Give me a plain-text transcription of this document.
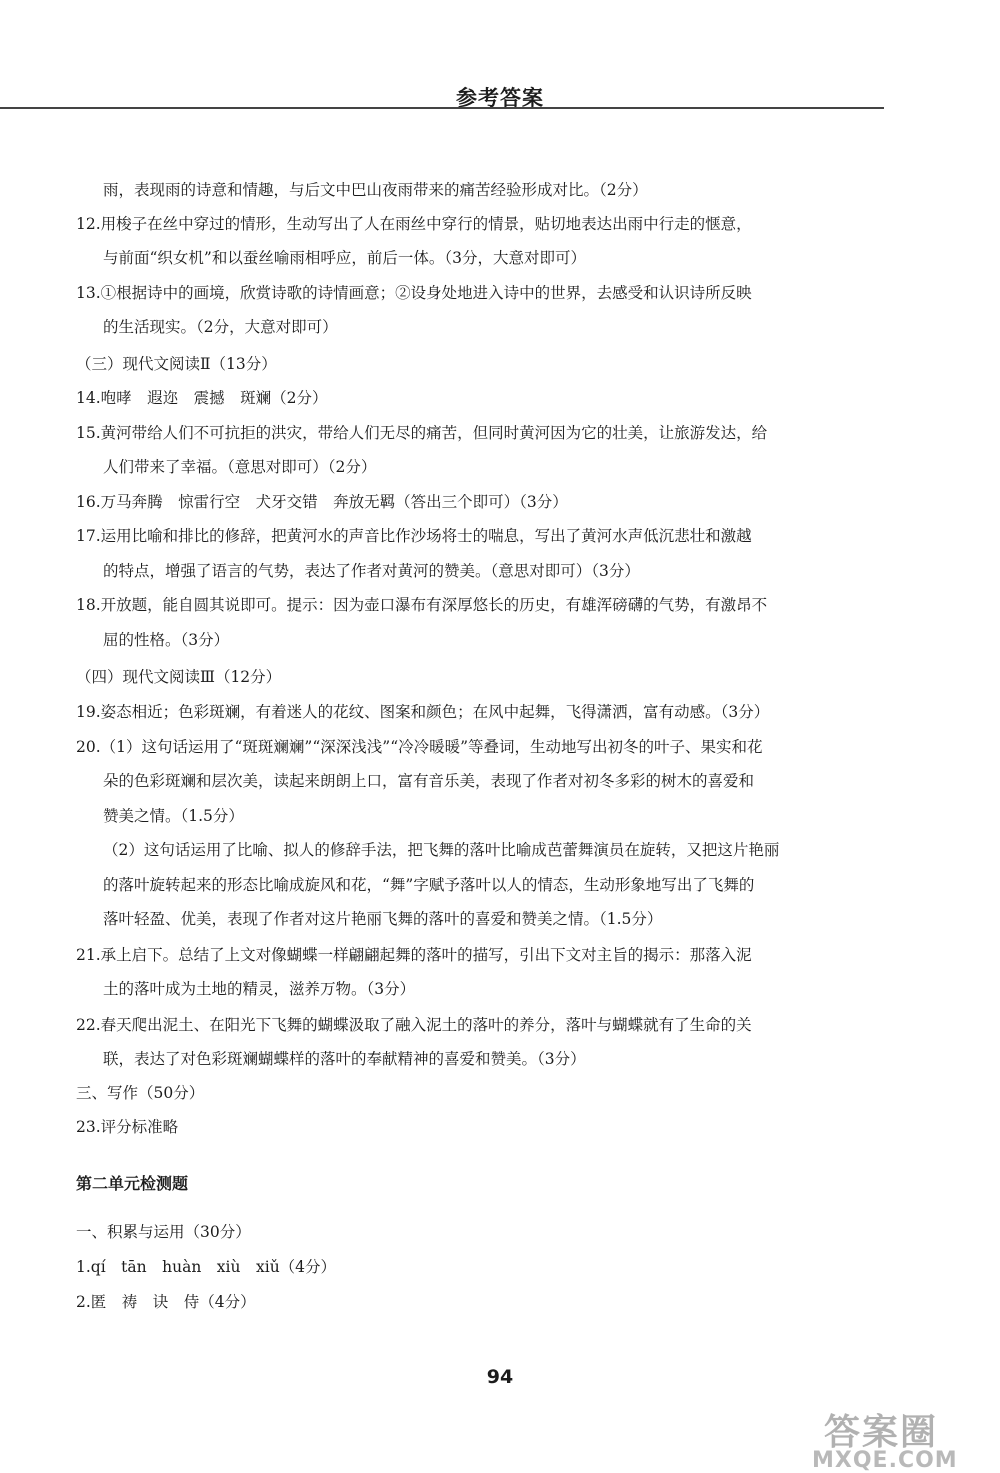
参考答案
雨，表现雨的诗意和情趣，与后文中巴山夜雨带来的痛苦经验形成对比。（2分）
12.用梭子在丝中穿过的情形，生动写出了人在雨丝中穿行的情景，贴切地表达出雨中行走的惬意，
与前面“织女机”和以蚕丝喻雨相呼应，前后一体。（3分，大意对即可）
13.①根据诗中的画境，欣赏诗歌的诗情画意；②设身处地进入诗中的世界，去感受和认识诗所反映
的生活现实。（2分，大意对即可）
（三）现代文阅读Ⅱ（13分）
14.咆哮　遐迩　震撼　斑斓（2分）
15.黄河带给人们不可抗拒的洪灾，带给人们无尽的痛苦，但同时黄河因为它的壮美，让旅游发达，给
人们带来了幸福。（意思对即可）（2分）
16.万马奔腾　惊雷行空　犬牙交错　奔放无羁（答出三个即可）（3分）
17.运用比喻和排比的修辞，把黄河水的声音比作沙场将士的喘息，写出了黄河水声低沉悲壮和激越
的特点，增强了语言的气势，表达了作者对黄河的赞美。（意思对即可）（3分）
18.开放题，能自圆其说即可。提示：因为壶口瀑布有深厚悠长的历史，有雄浑磅礴的气势，有激昂不
屈的性格。（3分）
（四）现代文阅读Ⅲ（12分）
19.姿态相近；色彩斑斓，有着迷人的花纹、图案和颜色；在风中起舞，飞得潇洒，富有动感。（3分）
20.（1）这句话运用了“斑斑斓斓”“深深浅浅”“冷冷暖暖”等叠词，生动地写出初冬的叶子、果实和花
朵的色彩斑斓和层次美，读起来朗朗上口，富有音乐美，表现了作者对初冬多彩的树木的喜爱和
赞美之情。（1.5分）
（2）这句话运用了比喻、拟人的修辞手法，把飞舞的落叶比喻成芭蕾舞演员在旋转，又把这片艳丽
的落叶旋转起来的形态比喻成旋风和花，“舞”字赋予落叶以人的情态，生动形象地写出了飞舞的
落叶轻盈、优美，表现了作者对这片艳丽飞舞的落叶的喜爱和赞美之情。（1.5分）
21.承上启下。总结了上文对像蝴蝶一样翩翩起舞的落叶的描写，引出下文对主旨的揭示：那落入泥
土的落叶成为土地的精灵，滋养万物。（3分）
22.春天爬出泥土、在阳光下飞舞的蝴蝶汲取了融入泥土的落叶的养分，落叶与蝴蝶就有了生命的关
联，表达了对色彩斑斓蝴蝶样的落叶的奉献精神的喜爱和赞美。（3分）
三、写作（50分）
23.评分标准略
第二单元检测题
一、积累与运用（30分）
1.qí　tān　huàn　xiù　xiǔ（4分）
2.匿　祷　诀　侍（4分）
94
答案圈
MXQE.COM
